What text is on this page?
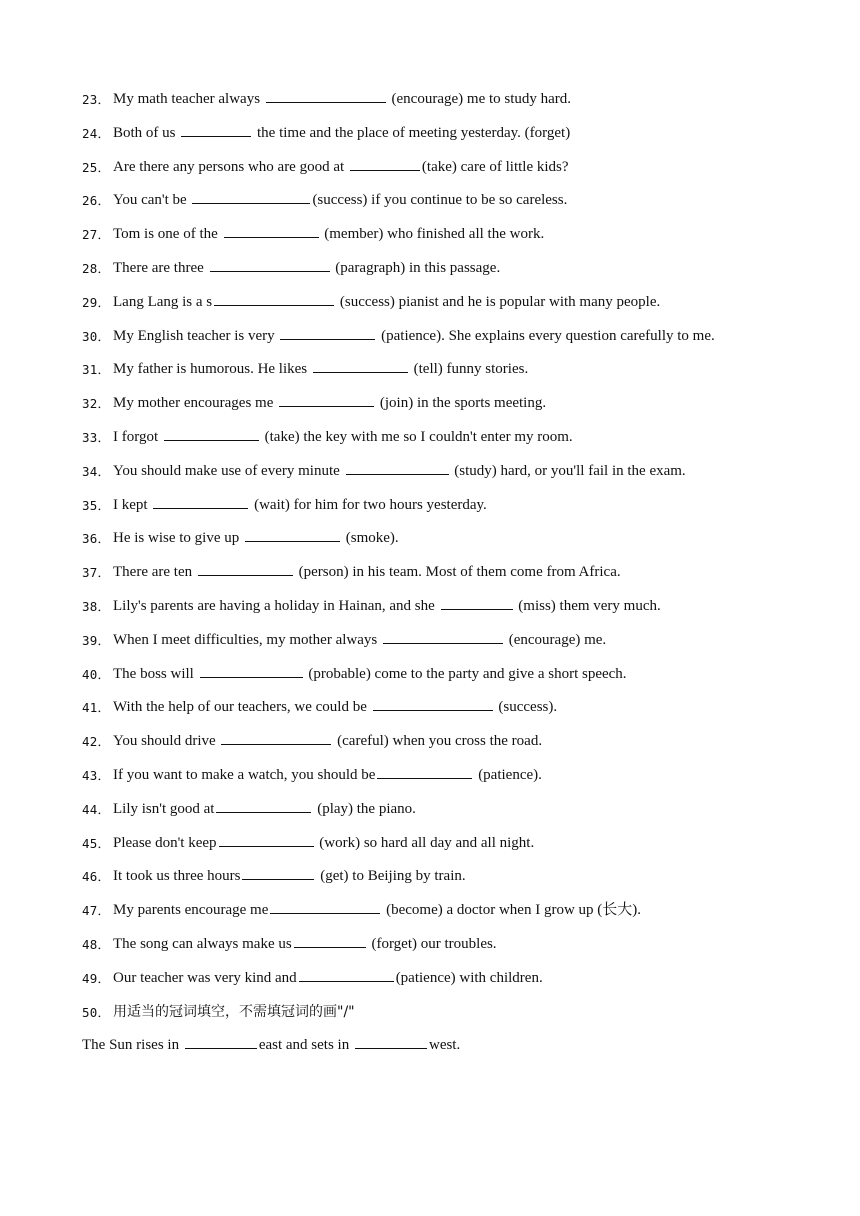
23． My math teacher always	(encourage) me to study hard.
24． Both of us	the time and the place of meeting yesterday. (forget)
25． Are there any persons who are good at	(take) care of little kids?
26． You can't be	(success) if you continue to be so careless.
27． Tom is one of the	(member) who finished all the work.
28． There are three	(paragraph) in this passage.
29． Lang Lang is a s	(success) pianist and he is popular with many people.
30． My English teacher is very	(patience). She explains every question carefully to me.
31． My father is humorous. He likes	(tell) funny stories.
32． My mother encourages me	(join) in the sports meeting.
33． I forgot	(take) the key with me so I couldn't enter my room.
34． You should make use of every minute	(study) hard, or you'll fail in the exam.
35． I kept	(wait) for him for two hours yesterday.
36． He is wise to give up	(smoke).
37． There are ten	(person) in his team. Most of them come from Africa.
38． Lily's parents are having a holiday in Hainan, and she	(miss) them very much.
39． When I meet difficulties, my mother always	(encourage) me.
40． The boss will	(probable) come to the party and give a short speech.
41． With the help of our teachers, we could be	(success).
42． You should drive	(careful) when you cross the road.
43． If you want to make a watch, you should be	(patience).
44． Lily isn't good at	(play) the piano.
45． Please don't keep	(work) so hard all day and all night.
46． It took us three hours	(get) to Beijing by train.
47． My parents encourage me	(become) a doctor when I grow up (长大).
48． The song can always make us	(forget) our troubles.
49． Our teacher was very kind and	(patience) with children.
50． 用适当的冠词填空，不需填冠词的画"/"
The Sun rises in	east and sets in	west.
